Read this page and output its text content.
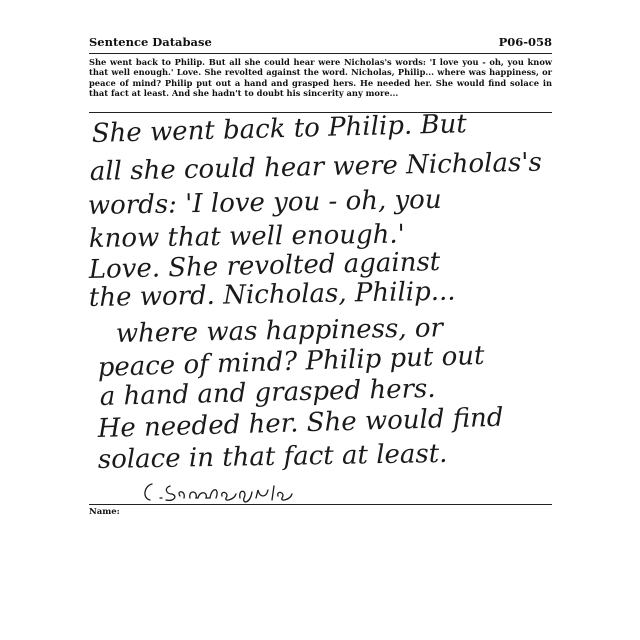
Sentence Database	P06-058
She went back to Philip. But all she could hear were Nicholas's words: 'I love you - oh, you know that well enough.' Love. She revolted against the word. Nicholas, Philip... where was happiness, or peace of mind? Philip put out a hand and grasped hers. He needed her. She would find solace in that fact at least. And she hadn't to doubt his sincerity any more...
She went back to Philip. But
all she could hear were Nicholas's
words: 'I love you - oh, you
know that well enough.'
Love. She revolted against
the word. Nicholas, Philip...
where was happiness, or
peace of mind? Philip put out
a hand and grasped hers.
He needed her. She would find
solace in that fact at least.
Name:
